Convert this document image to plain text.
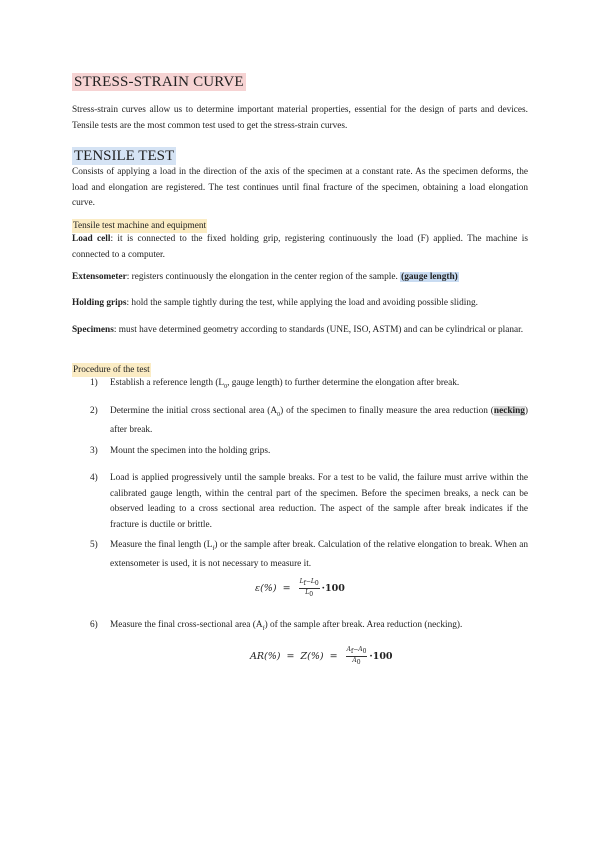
STRESS-STRAIN CURVE
Stress-strain curves allow us to determine important material properties, essential for the design of parts and devices. Tensile tests are the most common test used to get the stress-strain curves.
TENSILE TEST
Consists of applying a load in the direction of the axis of the specimen at a constant rate. As the specimen deforms, the load and elongation are registered. The test continues until final fracture of the specimen, obtaining a load elongation curve.
Tensile test machine and equipment
Load cell: it is connected to the fixed holding grip, registering continuously the load (F) applied. The machine is connected to a computer.
Extensometer: registers continuously the elongation in the center region of the sample. (gauge length)
Holding grips: hold the sample tightly during the test, while applying the load and avoiding possible sliding.
Specimens: must have determined geometry according to standards (UNE, ISO, ASTM) and can be cylindrical or planar.
Procedure of the test
1)	Establish a reference length ($L_0$, gauge length) to further determine the elongation after break.
2)	Determine the initial cross sectional area $(A_0)$ of the specimen to finally measure the area reduction (necking) after break.
3)	Mount the specimen into the holding grips.
4)	Load is applied progressively until the sample breaks. For a test to be valid, the failure must arrive within the calibrated gauge length, within the central part of the specimen. Before the specimen breaks, a neck can be observed leading to a cross sectional area reduction. The aspect of the sample after break indicates if the fracture is ductile or brittle.
5)	Measure the final length $(L_f)$ or the sample after break. Calculation of the relative elongation to break. When an extensometer is used, it is not necessary to measure it.
$\varepsilon(\%) = \frac{L_f-L_0}{L_0} \cdot 100$
6)	Measure the final cross-sectional area $(A_f)$ of the sample after break. Area reduction (necking).
$AR(\%) = Z(\%) = \frac{A_f-A_0}{A_0} \cdot 100$
